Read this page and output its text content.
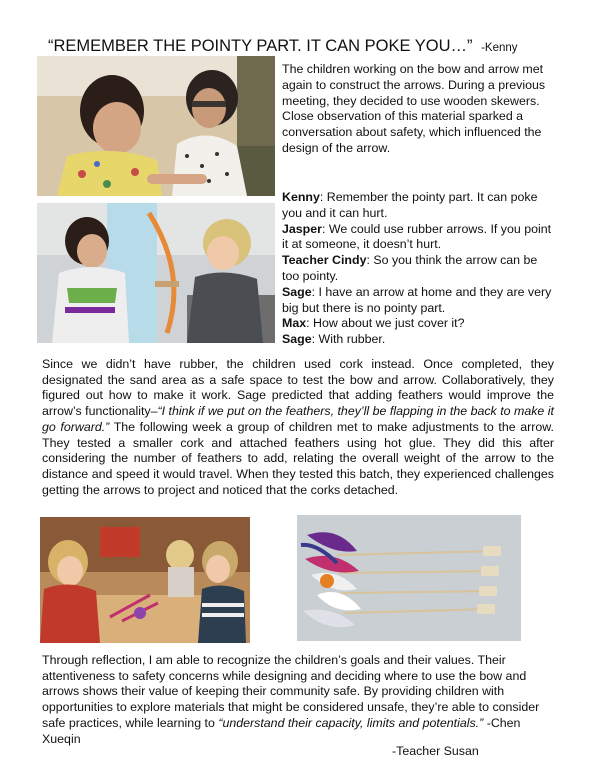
“REMEMBER THE POINTY PART. IT CAN POKE YOU…” -Kenny
The children working on the bow and arrow met again to construct the arrows. During a previous meeting, they decided to use wooden skewers. Close observation of this material sparked a conversation about safety, which influenced the design of the arrow.

Kenny: Remember the pointy part. It can poke you and it can hurt.

Jasper: We could use rubber arrows. If you point it at someone, it doesn’t hurt.

Teacher Cindy: So you think the arrow can be too pointy.

Sage: I have an arrow at home and they are very big but there is no pointy part.

Max: How about we just cover it?

Sage: With rubber.

Since we didn’t have rubber, the children used cork instead. Once completed, they designated the sand area as a safe space to test the bow and arrow. Collaboratively, they figured out how to make it work. Sage predicted that adding feathers would improve the arrow’s functionality–“I think if we put on the feathers, they’ll be flapping in the back to make it go forward.” The following week a group of children met to make adjustments to the arrow. They tested a smaller cork and attached feathers using hot glue. They did this after considering the number of feathers to add, relating the overall weight of the arrow to the distance and speed it would travel. When they tested this batch, they experienced challenges getting the arrows to project and noticed that the corks detached.
Through reflection, I am able to recognize the children’s goals and their values. Their attentiveness to safety concerns while designing and deciding where to use the bow and arrows shows their value of keeping their community safe. By providing children with opportunities to explore materials that might be considered unsafe, they’re able to consider safe practices, while learning to “understand their capacity, limits and potentials.” -Chen Xueqin
-Teacher Susan
